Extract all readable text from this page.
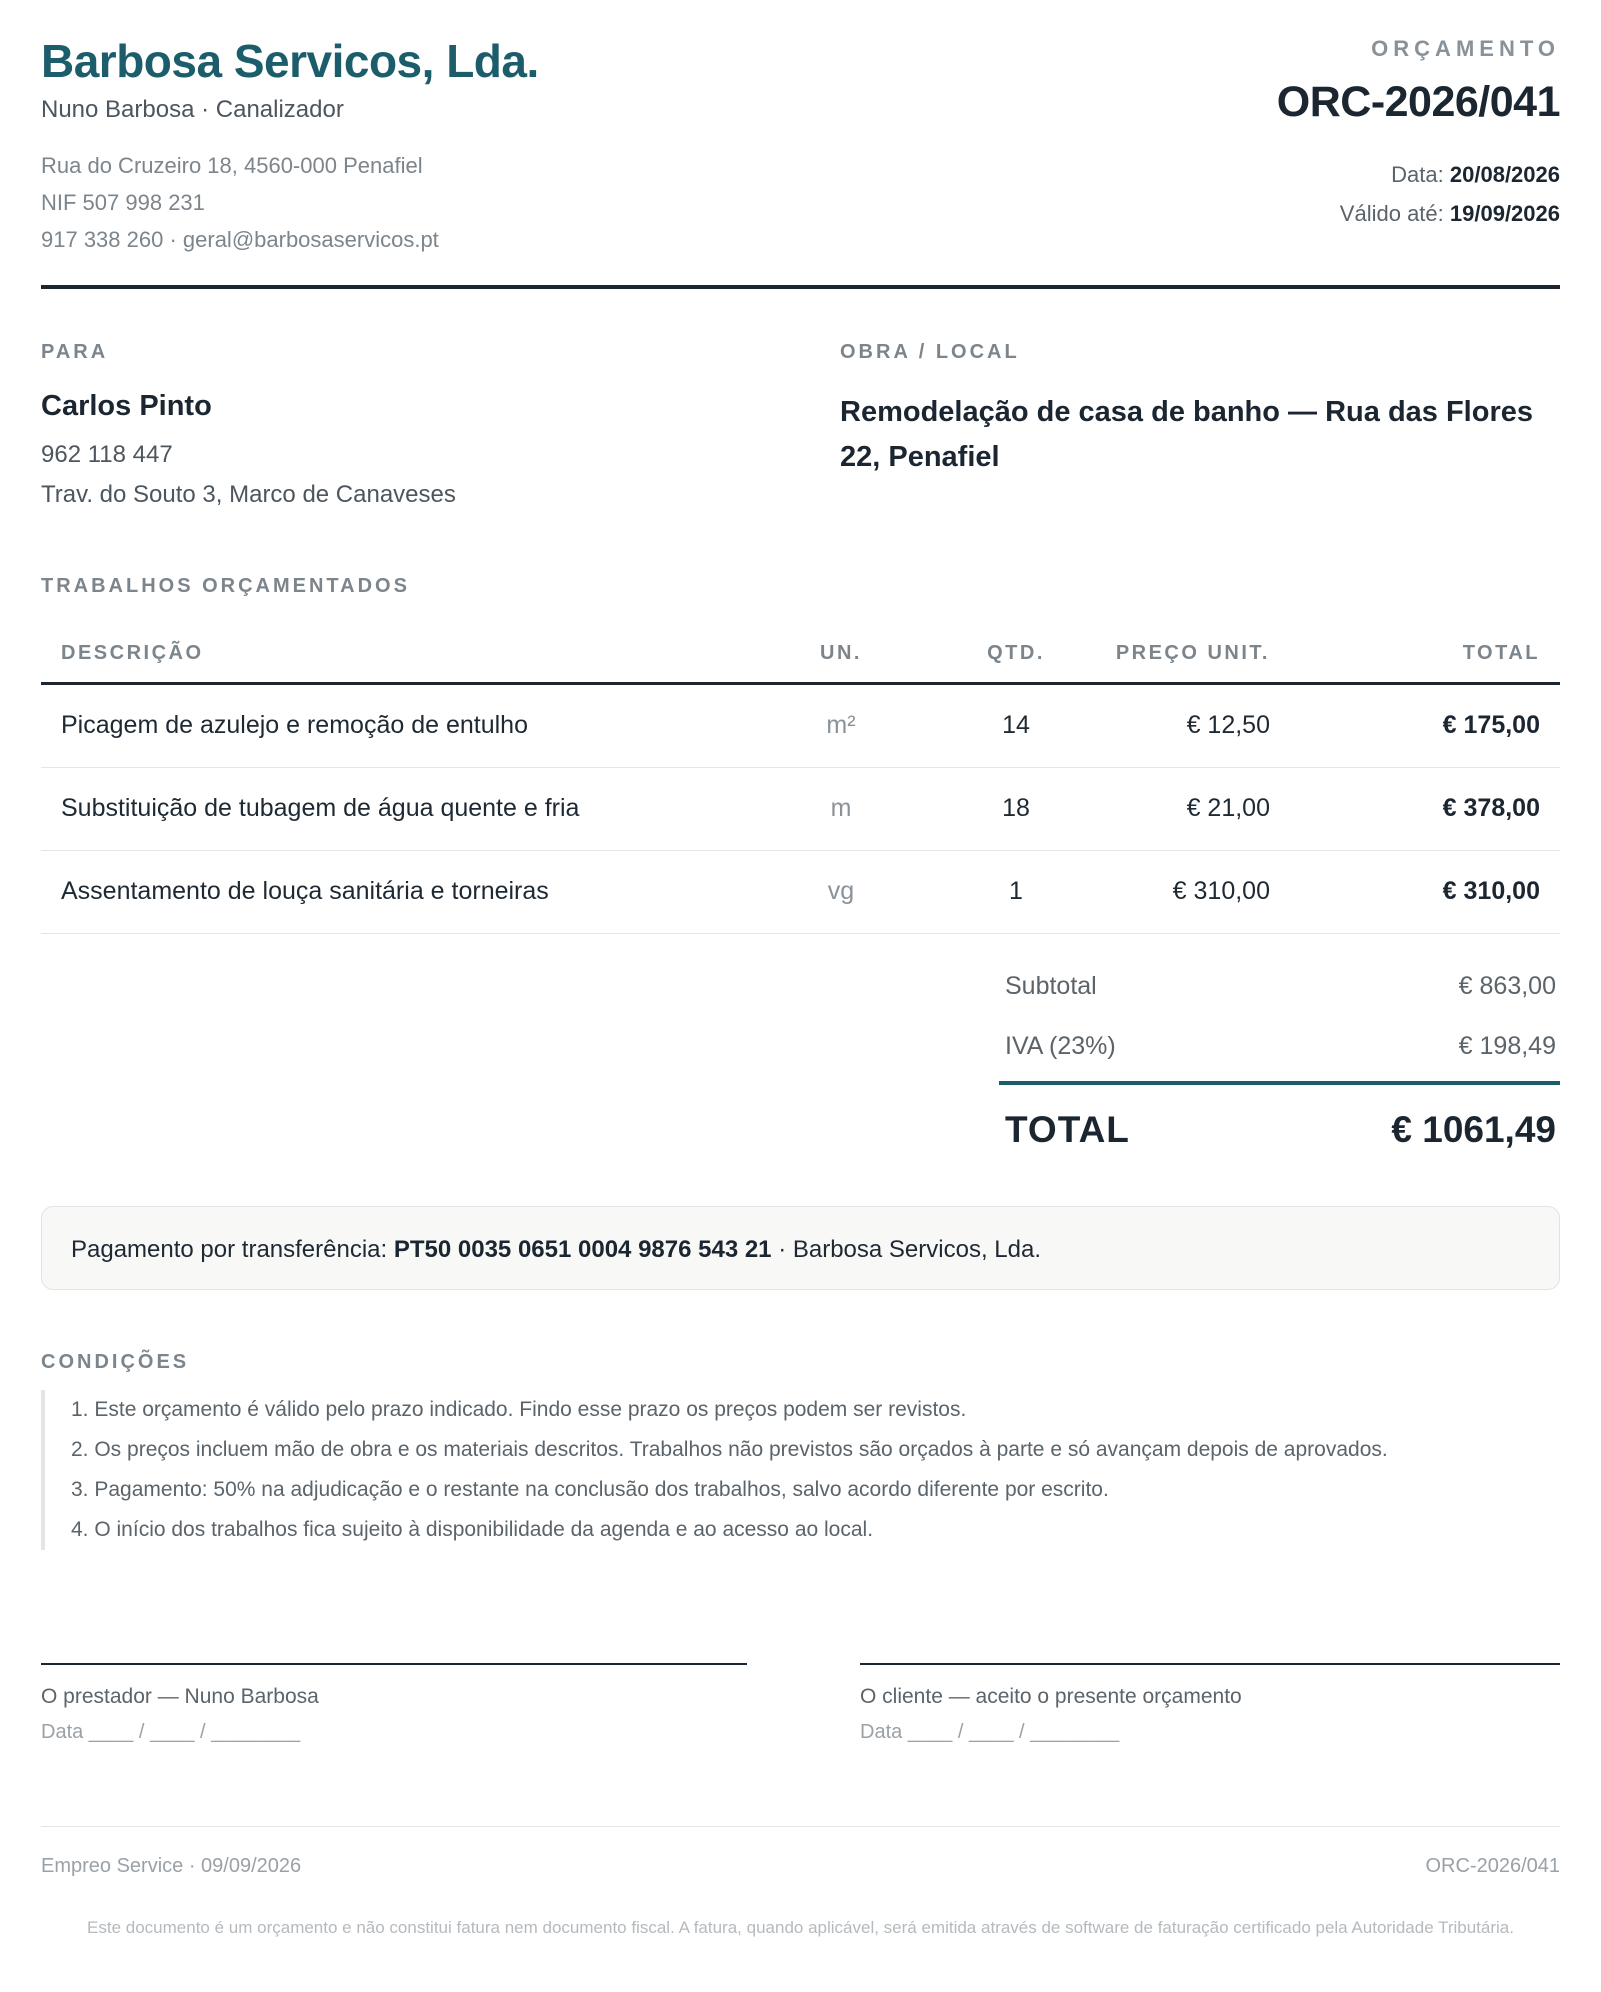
Barbosa Servicos, Lda.
Nuno Barbosa · Canalizador
Rua do Cruzeiro 18, 4560-000 Penafiel
NIF 507 998 231
917 338 260 · geral@barbosaservicos.pt
ORÇAMENTO
ORC-2026/041
Data: 20/08/2026
Válido até: 19/09/2026
PARA
Carlos Pinto
962 118 447
Trav. do Souto 3, Marco de Canaveses
OBRA / LOCAL
Remodelação de casa de banho — Rua das Flores 22, Penafiel
TRABALHOS ORÇAMENTADOS
DESCRIÇÃO	UN.	QTD.	PREÇO UNIT.	TOTAL
Picagem de azulejo e remoção de entulho	m²	14	€ 12,50	€ 175,00
Substituição de tubagem de água quente e fria	m	18	€ 21,00	€ 378,00
Assentamento de louça sanitária e torneiras	vg	1	€ 310,00	€ 310,00
Subtotal	€ 863,00
IVA (23%)	€ 198,49
TOTAL	€ 1061,49
Pagamento por transferência: PT50 0035 0651 0004 9876 543 21 · Barbosa Servicos, Lda.
CONDIÇÕES
1. Este orçamento é válido pelo prazo indicado. Findo esse prazo os preços podem ser revistos.
2. Os preços incluem mão de obra e os materiais descritos. Trabalhos não previstos são orçados à parte e só avançam depois de aprovados.
3. Pagamento: 50% na adjudicação e o restante na conclusão dos trabalhos, salvo acordo diferente por escrito.
4. O início dos trabalhos fica sujeito à disponibilidade da agenda e ao acesso ao local.
O prestador — Nuno Barbosa
Data ____ / ____ / ________
O cliente — aceito o presente orçamento
Data ____ / ____ / ________
Empreo Service · 09/09/2026	ORC-2026/041
Este documento é um orçamento e não constitui fatura nem documento fiscal. A fatura, quando aplicável, será emitida através de software de faturação certificado pela Autoridade Tributária.
